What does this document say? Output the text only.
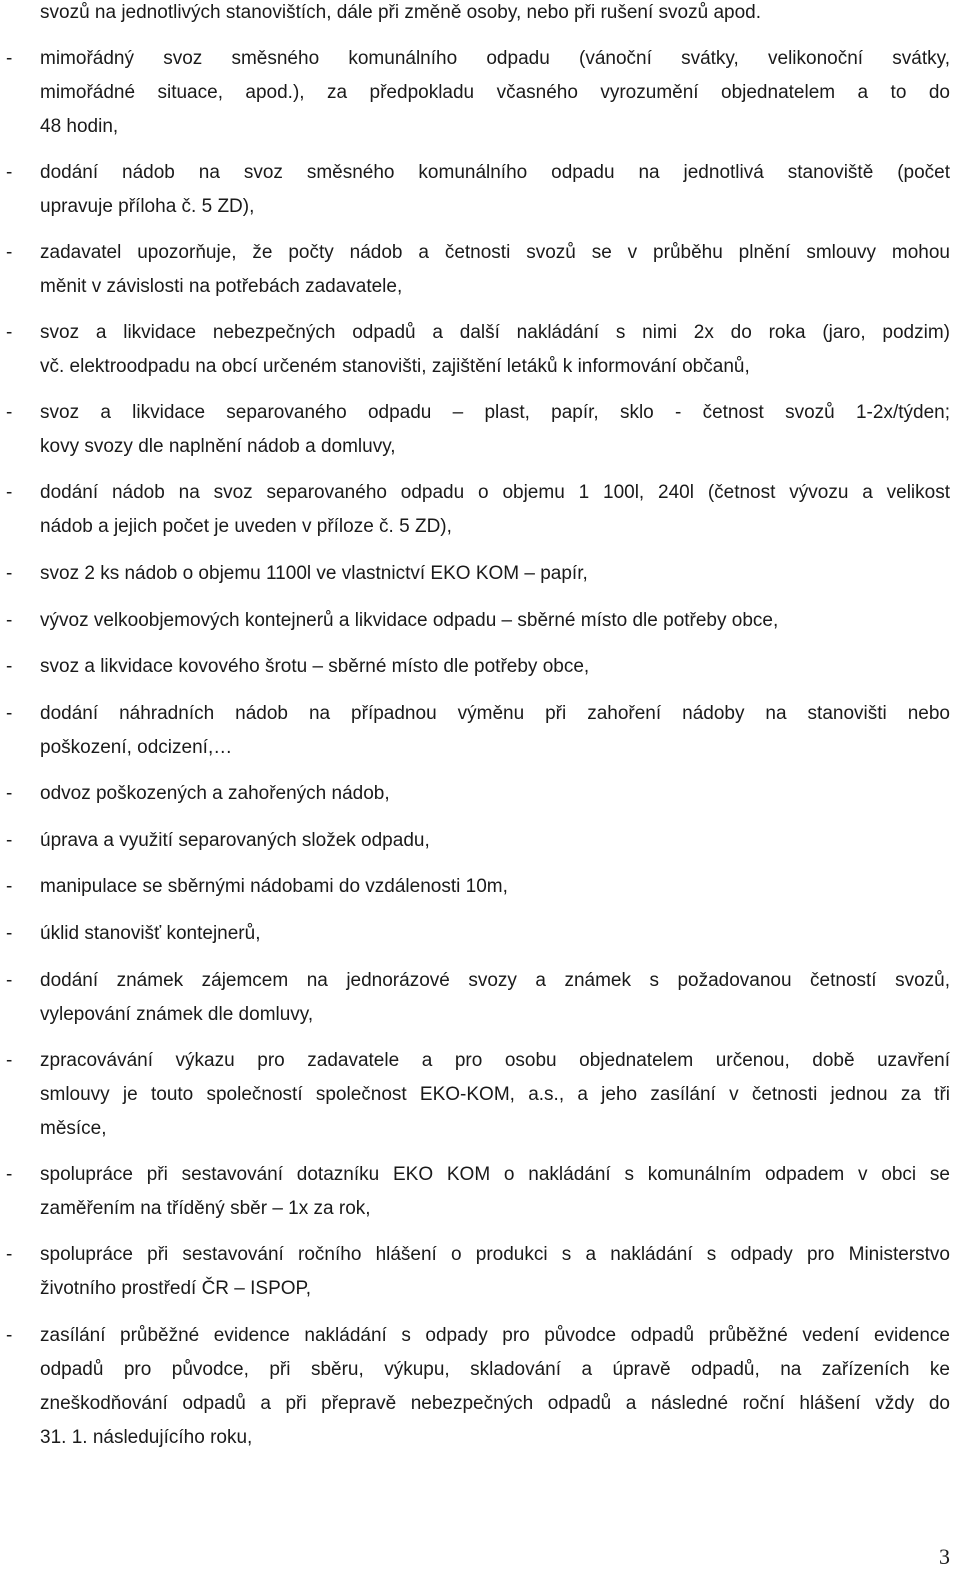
svozů na jednotlivých stanovištích, dále při změně osoby, nebo při rušení svozů apod.
- mimořádný svoz směsného komunálního odpadu (vánoční svátky, velikonoční svátky,
mimořádné situace, apod.), za předpokladu včasného vyrozumění objednatelem a to do
48 hodin,
- dodání nádob na svoz směsného komunálního odpadu na jednotlivá stanoviště (počet
upravuje příloha č. 5 ZD),
- zadavatel upozorňuje, že počty nádob a četnosti svozů se v průběhu plnění smlouvy mohou
měnit v závislosti na potřebách zadavatele,
- svoz a likvidace nebezpečných odpadů a další nakládání s nimi 2x do roka (jaro, podzim)
vč. elektroodpadu na obcí určeném stanovišti, zajištění letáků k informování občanů,
- svoz a likvidace separovaného odpadu – plast, papír, sklo - četnost svozů 1-2x/týden;
kovy svozy dle naplnění nádob a domluvy,
- dodání nádob na svoz separovaného odpadu o objemu 1 100l, 240l (četnost vývozu a velikost
nádob a jejich počet je uveden v příloze č. 5 ZD),
- svoz 2 ks nádob o objemu 1100l ve vlastnictví EKO KOM – papír,
- vývoz velkoobjemových kontejnerů a likvidace odpadu – sběrné místo dle potřeby obce,
- svoz a likvidace kovového šrotu – sběrné místo dle potřeby obce,
- dodání náhradních nádob na případnou výměnu při zahoření nádoby na stanovišti nebo
poškození, odcizení,…
- odvoz poškozených a zahořených nádob,
- úprava a využití separovaných složek odpadu,
- manipulace se sběrnými nádobami do vzdálenosti 10m,
- úklid stanovišť kontejnerů,
- dodání známek zájemcem na jednorázové svozy a známek s požadovanou četností svozů,
vylepování známek dle domluvy,
- zpracovávání výkazu pro zadavatele a pro osobu objednatelem určenou, době uzavření
smlouvy je touto společností společnost EKO-KOM, a.s., a jeho zasílání v četnosti jednou za tři
měsíce,
- spolupráce při sestavování dotazníku EKO KOM o nakládání s komunálním odpadem v obci se
zaměřením na tříděný sběr – 1x za rok,
- spolupráce při sestavování ročního hlášení o produkci s a nakládání s odpady pro Ministerstvo
životního prostředí ČR – ISPOP,
- zasílání průběžné evidence nakládání s odpady pro původce odpadů průběžné vedení evidence
odpadů pro původce, při sběru, výkupu, skladování a úpravě odpadů, na zařízeních ke
zneškodňování odpadů a při přepravě nebezpečných odpadů a následné roční hlášení vždy do
31. 1. následujícího roku,
3
